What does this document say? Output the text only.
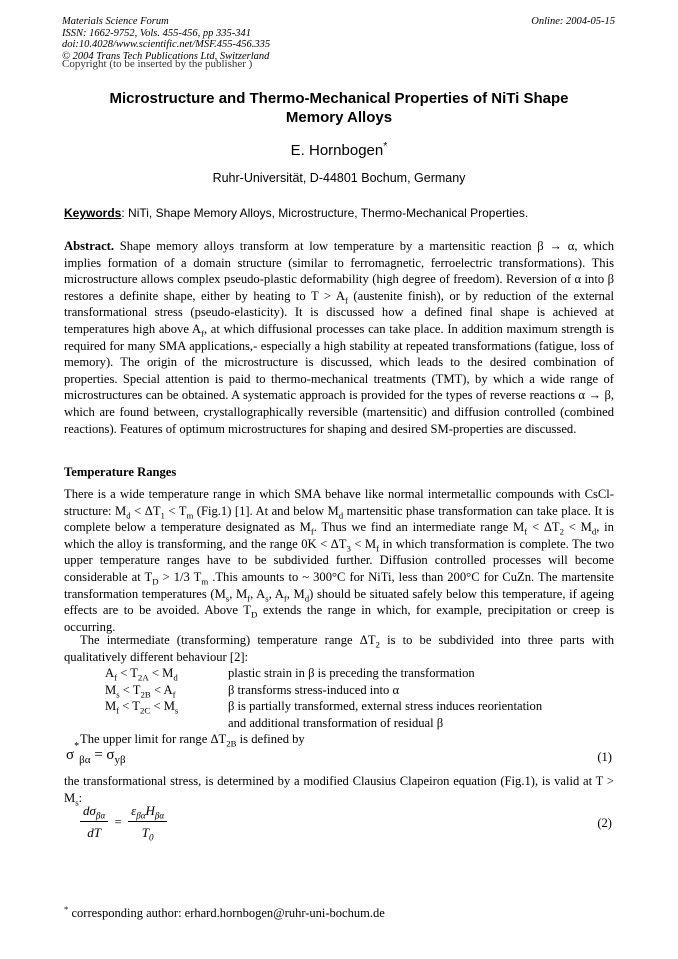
Materials Science Forum
ISSN: 1662-9752, Vols. 455-456, pp 335-341
doi:10.4028/www.scientific.net/MSF.455-456.335
© 2004 Trans Tech Publications Ltd, Switzerland
Online: 2004-05-15
Copyright (to be inserted by the publisher )
Microstructure and Thermo-Mechanical Properties of NiTi Shape
Memory Alloys
E. Hornbogen*
Ruhr-Universität, D-44801 Bochum, Germany
Keywords: NiTi, Shape Memory Alloys, Microstructure, Thermo-Mechanical Properties.

Abstract. Shape memory alloys transform at low temperature by a martensitic reaction β → α, which implies formation of a domain structure (similar to ferromagnetic, ferroelectric transformations). This microstructure allows complex pseudo-plastic deformability (high degree of freedom). Reversion of α into β restores a definite shape, either by heating to $T > A_f$ (austenite finish), or by reduction of the external transformational stress (pseudo-elasticity). It is discussed how a defined final shape is achieved at temperatures high above $A_f$, at which diffusional processes can take place. In addition maximum strength is required for many SMA applications,- especially a high stability at repeated transformations (fatigue, loss of memory). The origin of the microstructure is discussed, which leads to the desired combination of properties. Special attention is paid to thermo-mechanical treatments (TMT), by which a wide range of microstructures can be obtained. A systematic approach is provided for the types of reverse reactions α → β, which are found between, crystallographically reversible (martensitic) and diffusion controlled (combined reactions). Features of optimum microstructures for shaping and desired SM-properties are discussed.

Temperature Ranges

There is a wide temperature range in which SMA behave like normal intermetallic compounds with CsCl-structure: $M_d < \Delta T_1 < T_m$ (Fig.1) [1]. At and below $M_d$ martensitic phase transformation can take place. It is complete below a temperature designated as $M_f$. Thus we find an intermediate range $M_f < \Delta T_2 < M_d$, in which the alloy is transforming, and the range $0K < \Delta T_3 < M_f$ in which transformation is complete. The two upper temperature ranges have to be subdivided further. Diffusion controlled processes will become considerable at $T_D > 1/3$ $T_m$ .This amounts to ~ 300°C for NiTi, less than 200°C for CuZn. The martensite transformation temperatures ($M_s$, $M_f$, $A_s$, $A_f$, $M_d$) should be situated safely below this temperature, if ageing effects are to be avoided. Above $T_D$ extends the range in which, for example, precipitation or creep is occurring.

The intermediate (transforming) temperature range $\Delta T_2$ is to be subdivided into three parts with qualitatively different behaviour [2]:

$A_f < T_{2A} < M_d$	plastic strain in β is preceding the transformation
$M_s < T_{2B} < A_f$	β transforms stress-induced into α
$M_f < T_{2C} < M_s$	β is partially transformed, external stress induces reorientation
and additional transformation of residual β
The upper limit for range $\Delta T_{2B}$ is defined by
$\sigma^*_{\beta\alpha} = \sigma_{y\beta}$	(1)

the transformational stress, is determined by a modified Clausius Clapeiron equation (Fig.1), is valid at $T > M_s$:

$\frac{d\sigma_{\beta\alpha}}{dT} = \frac{\varepsilon_{\beta\alpha}H_{\beta\alpha}}{T_0}$	(2)
* corresponding author: erhard.hornbogen@ruhr-uni-bochum.de
